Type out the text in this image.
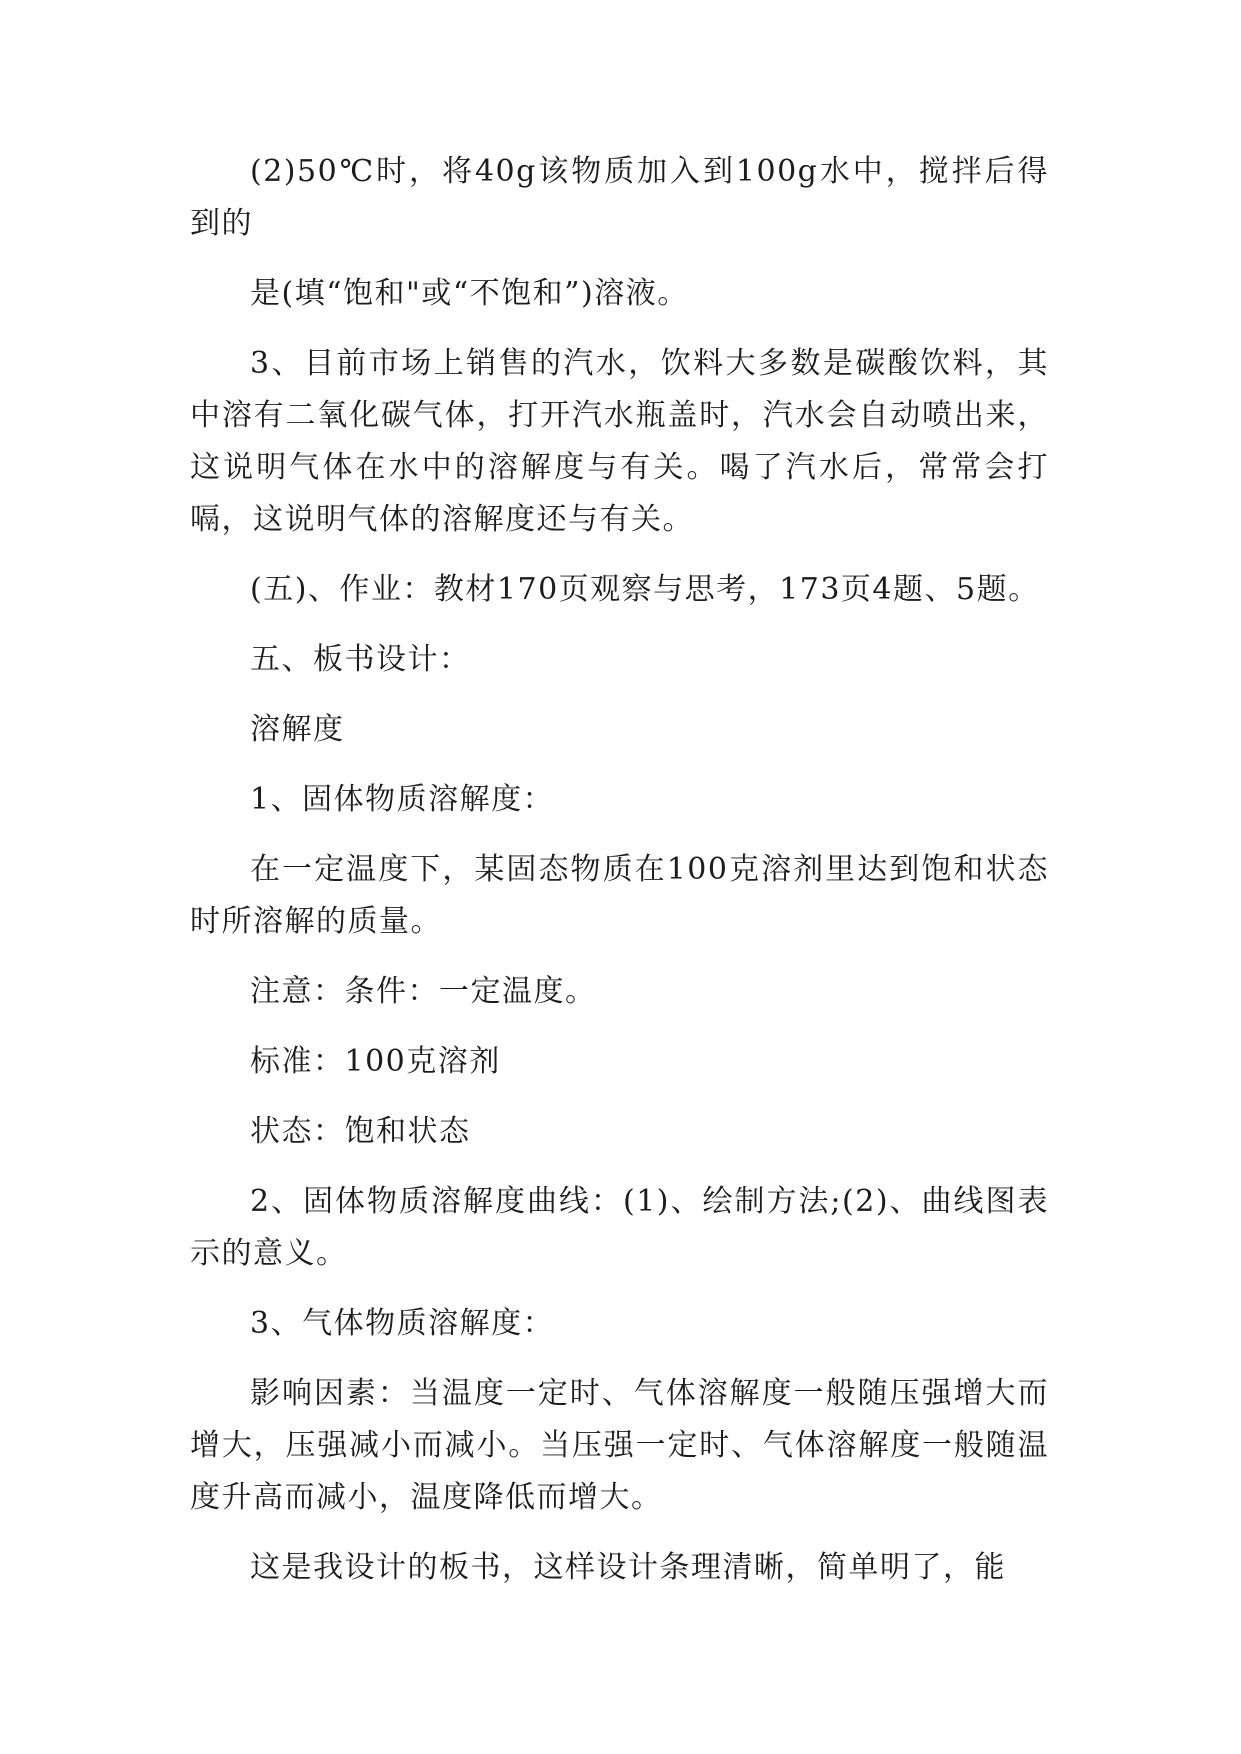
(2)50℃时，将40g该物质加入到100g水中，搅拌后得到的

是(填“饱和"或“不饱和”)溶液。

3、目前市场上销售的汽水，饮料大多数是碳酸饮料，其中溶有二氧化碳气体，打开汽水瓶盖时，汽水会自动喷出来，这说明气体在水中的溶解度与有关。喝了汽水后，常常会打嗝，这说明气体的溶解度还与有关。

(五)、作业：教材170页观察与思考，173页4题、5题。

五、板书设计：

溶解度

1、固体物质溶解度：

在一定温度下，某固态物质在100克溶剂里达到饱和状态时所溶解的质量。

注意：条件：一定温度。

标准：100克溶剂

状态：饱和状态

2、固体物质溶解度曲线：(1)、绘制方法;(2)、曲线图表示的意义。

3、气体物质溶解度：

影响因素：当温度一定时、气体溶解度一般随压强增大而增大，压强减小而减小。当压强一定时、气体溶解度一般随温度升高而减小，温度降低而增大。

这是我设计的板书，这样设计条理清晰，简单明了，能
